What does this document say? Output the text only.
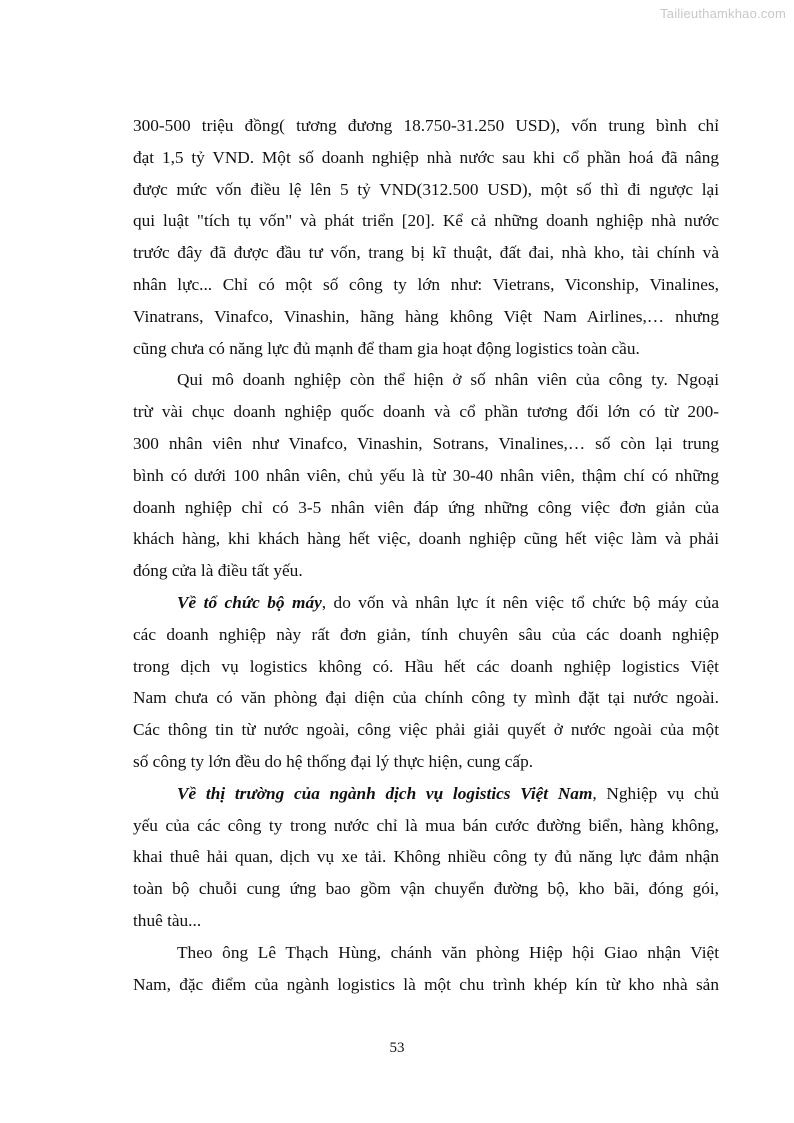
Tailieuthamkhao.com
300-500 triệu đồng( tương đương 18.750-31.250 USD), vốn trung bình chỉ
đạt 1,5 tỷ VND. Một số doanh nghiệp nhà nước sau khi cổ phần hoá đã nâng
được mức vốn điều lệ lên 5 tỷ VND(312.500 USD), một số thì đi ngược lại
qui luật "tích tụ vốn" và phát triển [20]. Kể cả những doanh nghiệp nhà nước
trước đây đã được đầu tư vốn, trang bị kĩ thuật, đất đai, nhà kho, tài chính và
nhân lực... Chỉ có một số công ty lớn như: Vietrans, Viconship, Vinalines,
Vinatrans, Vinafco, Vinashin, hãng hàng không Việt Nam Airlines,… nhưng
cũng chưa có năng lực đủ mạnh để tham gia hoạt động logistics toàn cầu.
Qui mô doanh nghiệp còn thể hiện ở số nhân viên của công ty. Ngoại
trừ vài chục doanh nghiệp quốc doanh và cổ phần tương đối lớn có từ 200-
300 nhân viên như Vinafco, Vinashin, Sotrans, Vinalines,… số còn lại trung
bình có dưới 100 nhân viên, chủ yếu là từ 30-40 nhân viên, thậm chí có những
doanh nghiệp chỉ có 3-5 nhân viên đáp ứng những công việc đơn giản của
khách hàng, khi khách hàng hết việc, doanh nghiệp cũng hết việc làm và phải
đóng cửa là điều tất yếu.
Về tổ chức bộ máy, do vốn và nhân lực ít nên việc tổ chức bộ máy của
các doanh nghiệp này rất đơn giản, tính chuyên sâu của các doanh nghiệp
trong dịch vụ logistics không có. Hầu hết các doanh nghiệp logistics Việt
Nam chưa có văn phòng đại diện của chính công ty mình đặt tại nước ngoài.
Các thông tin từ nước ngoài, công việc phải giải quyết ở nước ngoài của một
số công ty lớn đều do hệ thống đại lý thực hiện, cung cấp.
Về thị trường của ngành dịch vụ logistics Việt Nam, Nghiệp vụ chủ
yếu của các công ty trong nước chỉ là mua bán cước đường biển, hàng không,
khai thuê hải quan, dịch vụ xe tải. Không nhiều công ty đủ năng lực đảm nhận
toàn bộ chuỗi cung ứng bao gồm vận chuyển đường bộ, kho bãi, đóng gói,
thuê tàu...
Theo ông Lê Thạch Hùng, chánh văn phòng Hiệp hội Giao nhận Việt
Nam, đặc điểm của ngành logistics là một chu trình khép kín từ kho nhà sản
53
